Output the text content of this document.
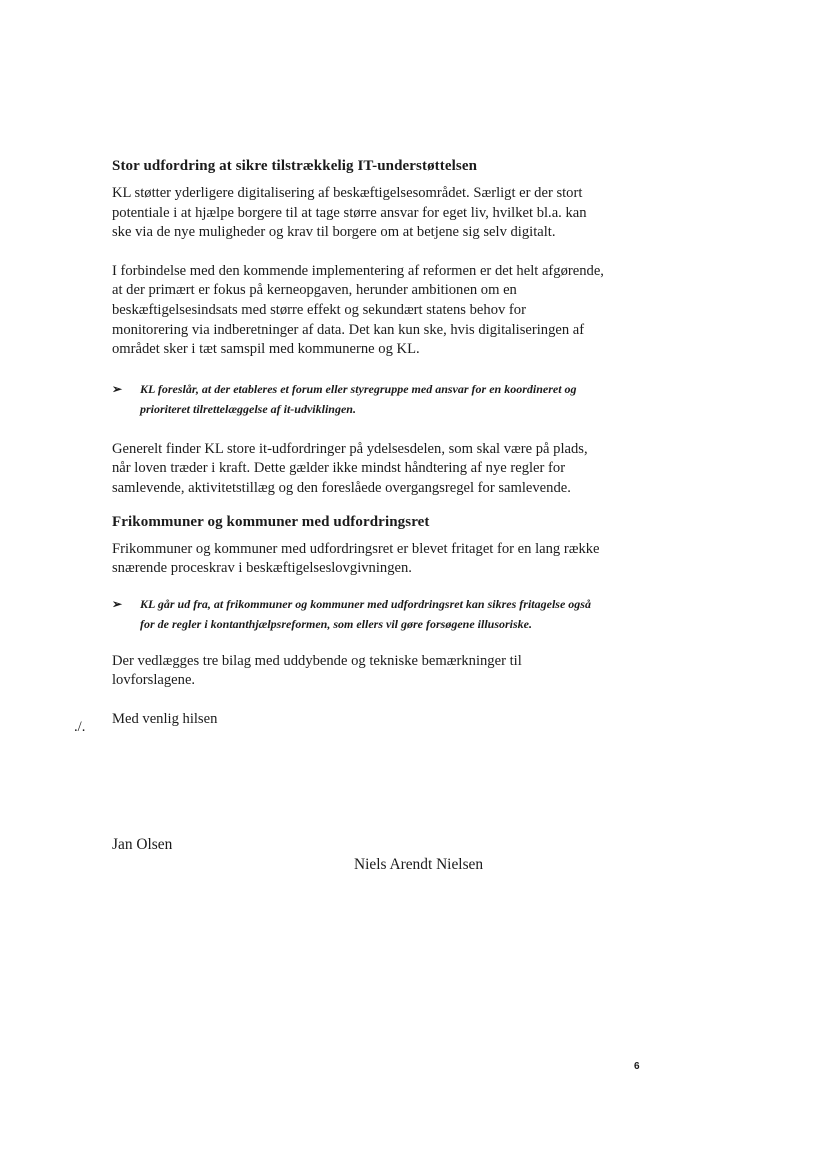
Stor udfordring at sikre tilstrækkelig IT-understøttelsen

KL støtter yderligere digitalisering af beskæftigelsesområdet. Særligt er der stort potentiale i at hjælpe borgere til at tage større ansvar for eget liv, hvilket bl.a. kan ske via de nye muligheder og krav til borgere om at betjene sig selv digitalt.

I forbindelse med den kommende implementering af reformen er det helt afgørende, at der primært er fokus på kerneopgaven, herunder ambitionen om en beskæftigelsesindsats med større effekt og sekundært statens behov for monitorering via indberetninger af data. Det kan kun ske, hvis digitaliseringen af området sker i tæt samspil med kommunerne og KL.

➢	KL foreslår, at der etableres et forum eller styregruppe med ansvar for en koordineret og prioriteret tilrettelæggelse af it-udviklingen.

Generelt finder KL store it-udfordringer på ydelsesdelen, som skal være på plads, når loven træder i kraft. Dette gælder ikke mindst håndtering af nye regler for samlevende, aktivitetstillæg og den foreslåede overgangsregel for samlevende.

Frikommuner og kommuner med udfordringsret

Frikommuner og kommuner med udfordringsret er blevet fritaget for en lang række snærende proceskrav i beskæftigelseslovgivningen.

➢	KL går ud fra, at frikommuner og kommuner med udfordringsret kan sikres fritagelse også for de regler i kontanthjælpsreformen, som ellers vil gøre forsøgene illusoriske.

Der vedlægges tre bilag med uddybende og tekniske bemærkninger til lovforslagene.

Med venlig hilsen

./.
Jan Olsen
Niels Arendt Nielsen
6
